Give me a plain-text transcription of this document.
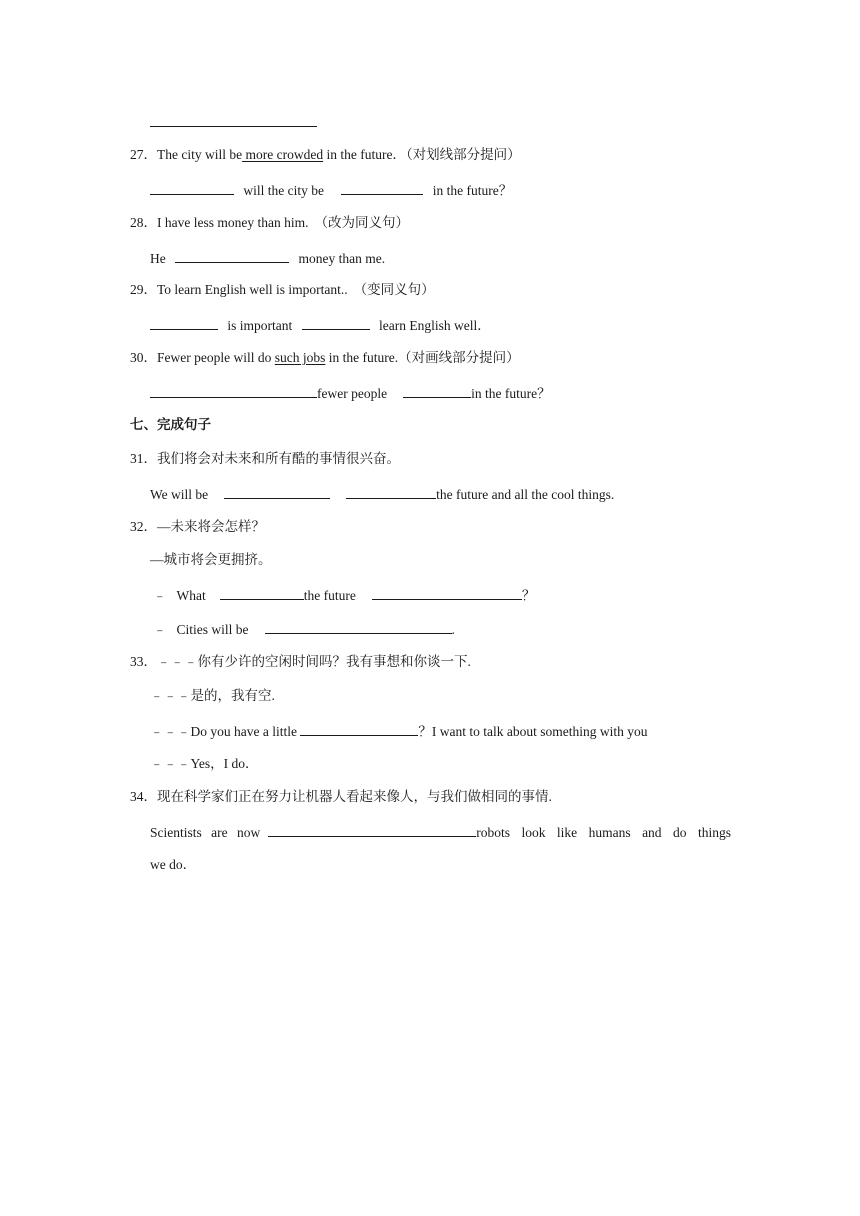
27．The city will be more crowded in the future．（对划线部分提问）
will the city be	in the future？
28．I have less money than him. （改为同义句）
He	money than me.
29．To learn English well is important.. （变同义句）
is important	learn English well．
30．Fewer people will do such jobs in the future.（对画线部分提问）
fewer people	in the future？
七、完成句子
31．我们将会对未来和所有酷的事情很兴奋。
We will be	the future and all the cool things.
32．—未来将会怎样？
—城市将会更拥挤。
﹣ What	the future	？
﹣ Cities will be	.
33．﹣﹣﹣你有少许的空闲时间吗？我有事想和你谈一下.
﹣﹣﹣是的，我有空.
﹣﹣﹣Do you have a little	？I want to talk about something with you
﹣﹣﹣Yes，I do．
34．现在科学家们正在努力让机器人看起来像人，与我们做相同的事情.
Scientists are now	robots look like humans and do things
we do．
